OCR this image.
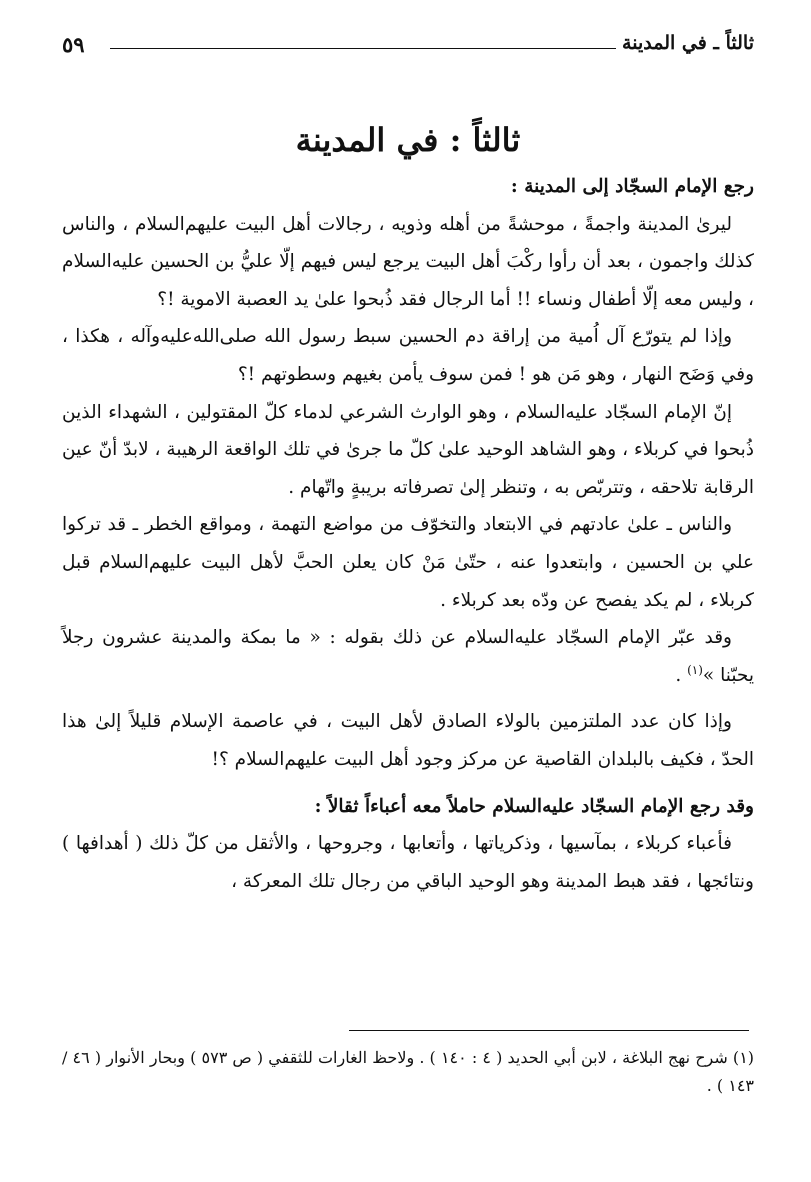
ثالثاً ـ في المدينة
٥٩
ثالثاً : في المدينة

رجع الإمام السجّاد إلى المدينة :

ليرىٰ المدينة واجمةً ، موحشةً من أهله وذويه ، رجالات أهل البيت عليهم‌السلام ، والناس كذلك واجمون ، بعد أن رأوا ركْبَ أهل البيت يرجع ليس فيهم إلّا عليُّ بن الحسين عليه‌السلام ، وليس معه إلّا أطفال ونساء !! أما الرجال فقد ذُبحوا علىٰ يد العصبة الاموية !؟

وإذا لم يتورّع آل اُمية من إراقة دم الحسين سبط رسول الله صلى‌الله‌عليه‌وآله ، هكذا ، وفي وَضَح النهار ، وهو مَن هو ! فمن سوف يأمن بغيهم وسطوتهم !؟

إنّ الإمام السجّاد عليه‌السلام ، وهو الوارث الشرعي لدماء كلّ المقتولين ، الشهداء الذين ذُبحوا في كربلاء ، وهو الشاهد الوحيد علىٰ كلّ ما جرىٰ في تلك الواقعة الرهيبة ، لابدّ أنّ عين الرقابة تلاحقه ، وتتربّص به ، وتنظر إلىٰ تصرفاته بريبةٍ واتّهام .

والناس ـ علىٰ عادتهم في الابتعاد والتخوّف من مواضع التهمة ، ومواقع الخطر ـ قد تركوا علي بن الحسين ، وابتعدوا عنه ، حتّىٰ مَنْ كان يعلن الحبَّ لأهل البيت عليهم‌السلام قبل كربلاء ، لم يكد يفصح عن ودّه بعد كربلاء .

وقد عبّر الإمام السجّاد عليه‌السلام عن ذلك بقوله : « ما بمكة والمدينة عشرون رجلاً يحبّنا »$^{(١)}$ .

وإذا كان عدد الملتزمين بالولاء الصادق لأهل البيت ، في عاصمة الإسلام قليلاً إلىٰ هذا الحدّ ، فكيف بالبلدان القاصية عن مركز وجود أهل البيت عليهم‌السلام ؟!

وقد رجع الإمام السجّاد عليه‌السلام حاملاً معه أعباءاً ثقالاً :

فأعباء كربلاء ، بمآسيها ، وذكرياتها ، وأتعابها ، وجروحها ، والأثقل من كلّ ذلك ( أهدافها ) ونتائجها ، فقد هبط المدينة وهو الوحيد الباقي من رجال تلك المعركة ،

(١) شرح نهج البلاغة ، لابن أبي الحديد ( ٤ : ١٤٠ ) . ولاحظ الغارات للثقفي ( ص ٥٧٣ ) وبحار الأنوار ( ٤٦ / ١٤٣ ) .
